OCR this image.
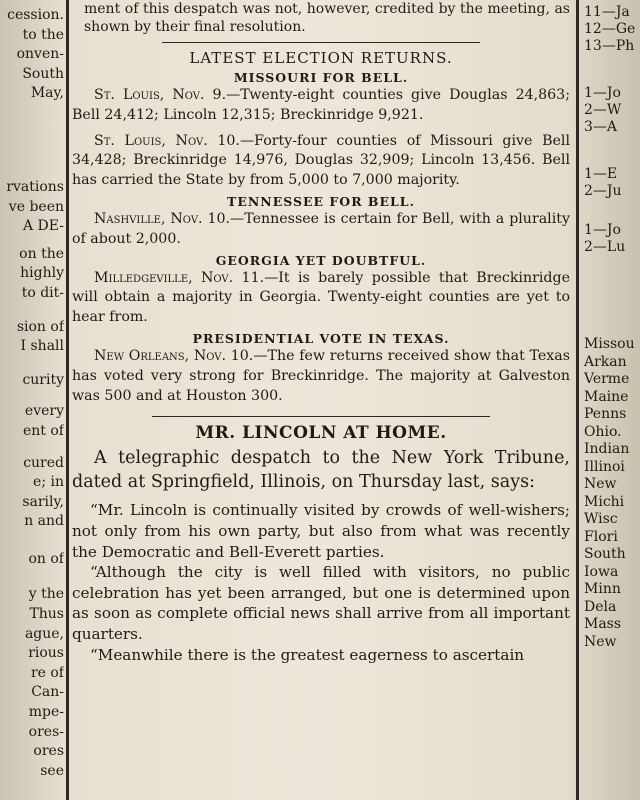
cession.
to the
onven-
South
May,
rvations
ve been
A DE-
on the
highly
to dit-
sion of
I shall
curity
every
ent of
cured
e; in
sarily,
n and
on of
y the
Thus
ague,
rious
re of
Can-
mpe-
ores-
ores
see

ment of this despatch was not, however, credited by the meeting, as shown by their final resolution.

LATEST ELECTION RETURNS.
MISSOURI FOR BELL.

St. Louis, Nov. 9.—Twenty-eight counties give Douglas 24,863; Bell 24,412; Lincoln 12,315; Breckinridge 9,921.

St. Louis, Nov. 10.—Forty-four counties of Missouri give Bell 34,428; Breckinridge 14,976, Douglas 32,909; Lincoln 13,456. Bell has carried the State by from 5,000 to 7,000 majority.

TENNESSEE FOR BELL.

Nashville, Nov. 10.—Tennessee is certain for Bell, with a plurality of about 2,000.

GEORGIA YET DOUBTFUL.

Milledgeville, Nov. 11.—It is barely possible that Breckinridge will obtain a majority in Georgia. Twenty-eight counties are yet to hear from.

PRESIDENTIAL VOTE IN TEXAS.

New Orleans, Nov. 10.—The few returns received show that Texas has voted very strong for Breckinridge. The majority at Galveston was 500 and at Houston 300.

MR. LINCOLN AT HOME.

A telegraphic despatch to the New York Tribune, dated at Springfield, Illinois, on Thursday last, says:

“Mr. Lincoln is continually visited by crowds of well-wishers; not only from his own party, but also from what was recently the Democratic and Bell-Everett parties.

“Although the city is well filled with visitors, no public celebration has yet been arranged, but one is determined upon as soon as complete official news shall arrive from all important quarters.

“Meanwhile there is the greatest eagerness to ascertain

11—Ja
12—Ge
13—Ph
1—Jo
2—W
3—A
1—E
2—Ju
1—Jo
2—Lu
Missou
Arkan
Verme
Maine
Penns
Ohio.
Indian
Illinoi
New
Michi
Wisc
Flori
South
Iowa
Minn
Dela
Mass
New
